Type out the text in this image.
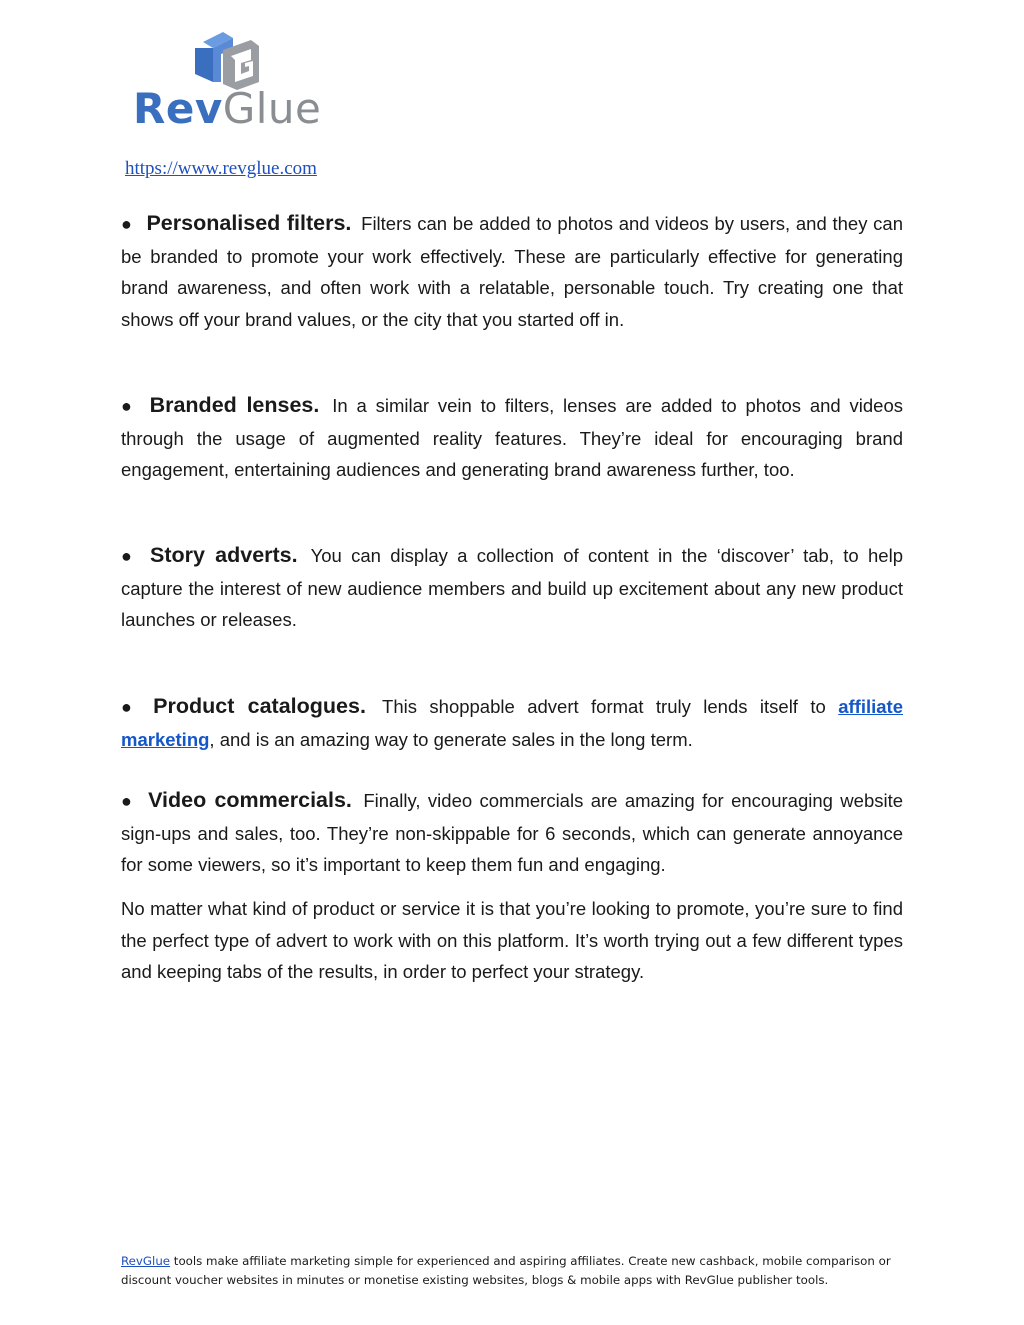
RevGlue
https://www.revglue.com

● Personalised filters. Filters can be added to photos and videos by users, and they can be branded to promote your work effectively. These are particularly effective for generating brand awareness, and often work with a relatable, personable touch. Try creating one that shows off your brand values, or the city that you started off in.

● Branded lenses. In a similar vein to filters, lenses are added to photos and videos through the usage of augmented reality features. They’re ideal for encouraging brand engagement, entertaining audiences and generating brand awareness further, too.

● Story adverts. You can display a collection of content in the ‘discover’ tab, to help capture the interest of new audience members and build up excitement about any new product launches or releases.

● Product catalogues. This shoppable advert format truly lends itself to affiliate marketing, and is an amazing way to generate sales in the long term.

● Video commercials. Finally, video commercials are amazing for encouraging website sign-ups and sales, too. They’re non-skippable for 6 seconds, which can generate annoyance for some viewers, so it’s important to keep them fun and engaging.

No matter what kind of product or service it is that you’re looking to promote, you’re sure to find the perfect type of advert to work with on this platform. It’s worth trying out a few different types and keeping tabs of the results, in order to perfect your strategy.

RevGlue tools make affiliate marketing simple for experienced and aspiring affiliates. Create new cashback, mobile comparison or discount voucher websites in minutes or monetise existing websites, blogs & mobile apps with RevGlue publisher tools.
